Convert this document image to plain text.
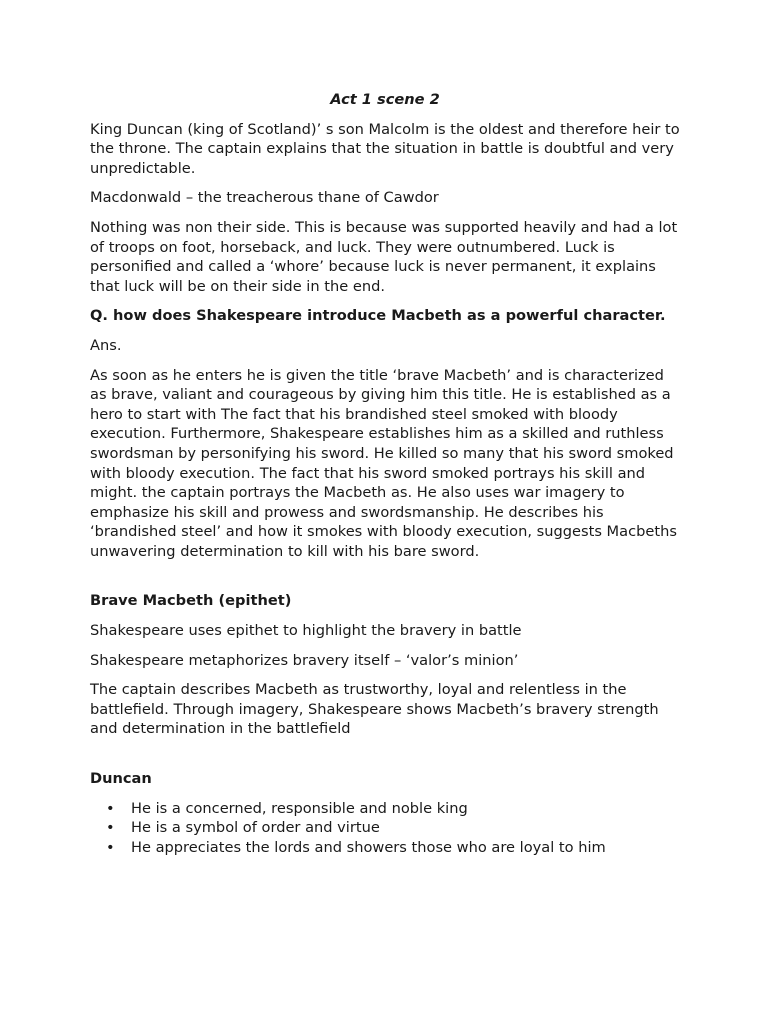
Act 1 scene 2

King Duncan (king of Scotland)’ s son Malcolm is the oldest and therefore heir to the throne. The captain explains that the situation in battle is doubtful and very unpredictable.

Macdonwald – the treacherous thane of Cawdor

Nothing was non their side. This is because was supported heavily and had a lot of troops on foot, horseback, and luck. They were outnumbered. Luck is personified and called a ‘whore’ because luck is never permanent, it explains that luck will be on their side in the end.

Q. how does Shakespeare introduce Macbeth as a powerful character.

Ans.

As soon as he enters he is given the title ‘brave Macbeth’ and is characterized as brave, valiant and courageous by giving him this title. He is established as a hero to start with The fact that his brandished steel smoked with bloody execution. Furthermore, Shakespeare establishes him as a skilled and ruthless swordsman by personifying his sword. He killed so many that his sword smoked with bloody execution. The fact that his sword smoked portrays his skill and might. the captain portrays the Macbeth as. He also uses war imagery to emphasize his skill and prowess and swordsmanship. He describes his ‘brandished steel’ and how it smokes with bloody execution, suggests Macbeths unwavering determination to kill with his bare sword.

Brave Macbeth (epithet)

Shakespeare uses epithet to highlight the bravery in battle

Shakespeare metaphorizes bravery itself – ‘valor’s minion’

The captain describes Macbeth as trustworthy, loyal and relentless in the battlefield. Through imagery, Shakespeare shows Macbeth’s bravery strength and determination in the battlefield

Duncan

• He is a concerned, responsible and noble king
• He is a symbol of order and virtue
• He appreciates the lords and showers those who are loyal to him
